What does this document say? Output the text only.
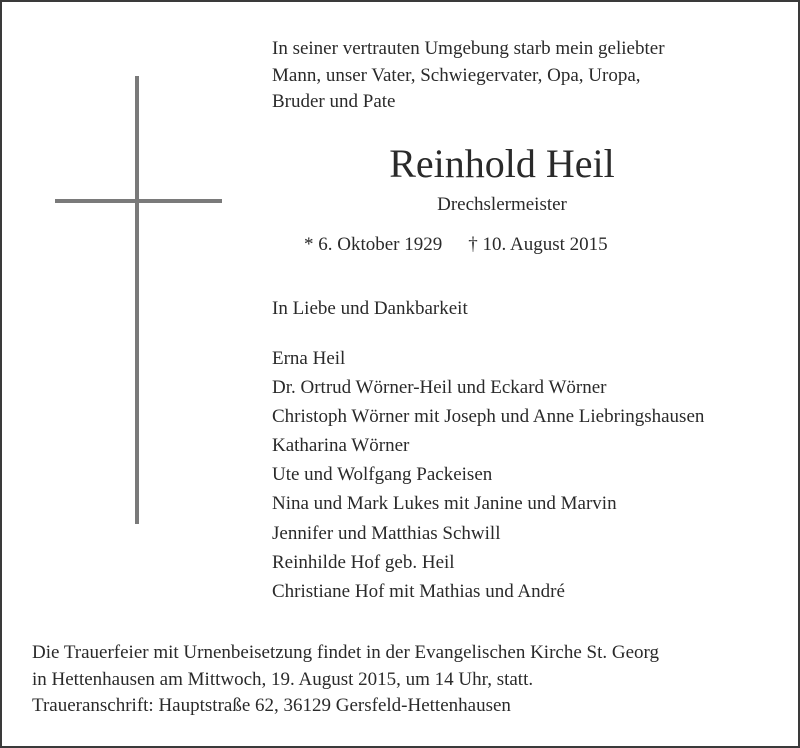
In seiner vertrauten Umgebung starb mein geliebter
Mann, unser Vater, Schwiegervater, Opa, Uropa,
Bruder und Pate
Reinhold Heil
Drechslermeister
* 6. Oktober 1929 † 10. August 2015
In Liebe und Dankbarkeit
Erna Heil
Dr. Ortrud Wörner-Heil und Eckard Wörner
Christoph Wörner mit Joseph und Anne Liebringshausen
Katharina Wörner
Ute und Wolfgang Packeisen
Nina und Mark Lukes mit Janine und Marvin
Jennifer und Matthias Schwill
Reinhilde Hof geb. Heil
Christiane Hof mit Mathias und André
Die Trauerfeier mit Urnenbeisetzung findet in der Evangelischen Kirche St. Georg
in Hettenhausen am Mittwoch, 19. August 2015, um 14 Uhr, statt.
Traueranschrift: Hauptstraße 62, 36129 Gersfeld-Hettenhausen
